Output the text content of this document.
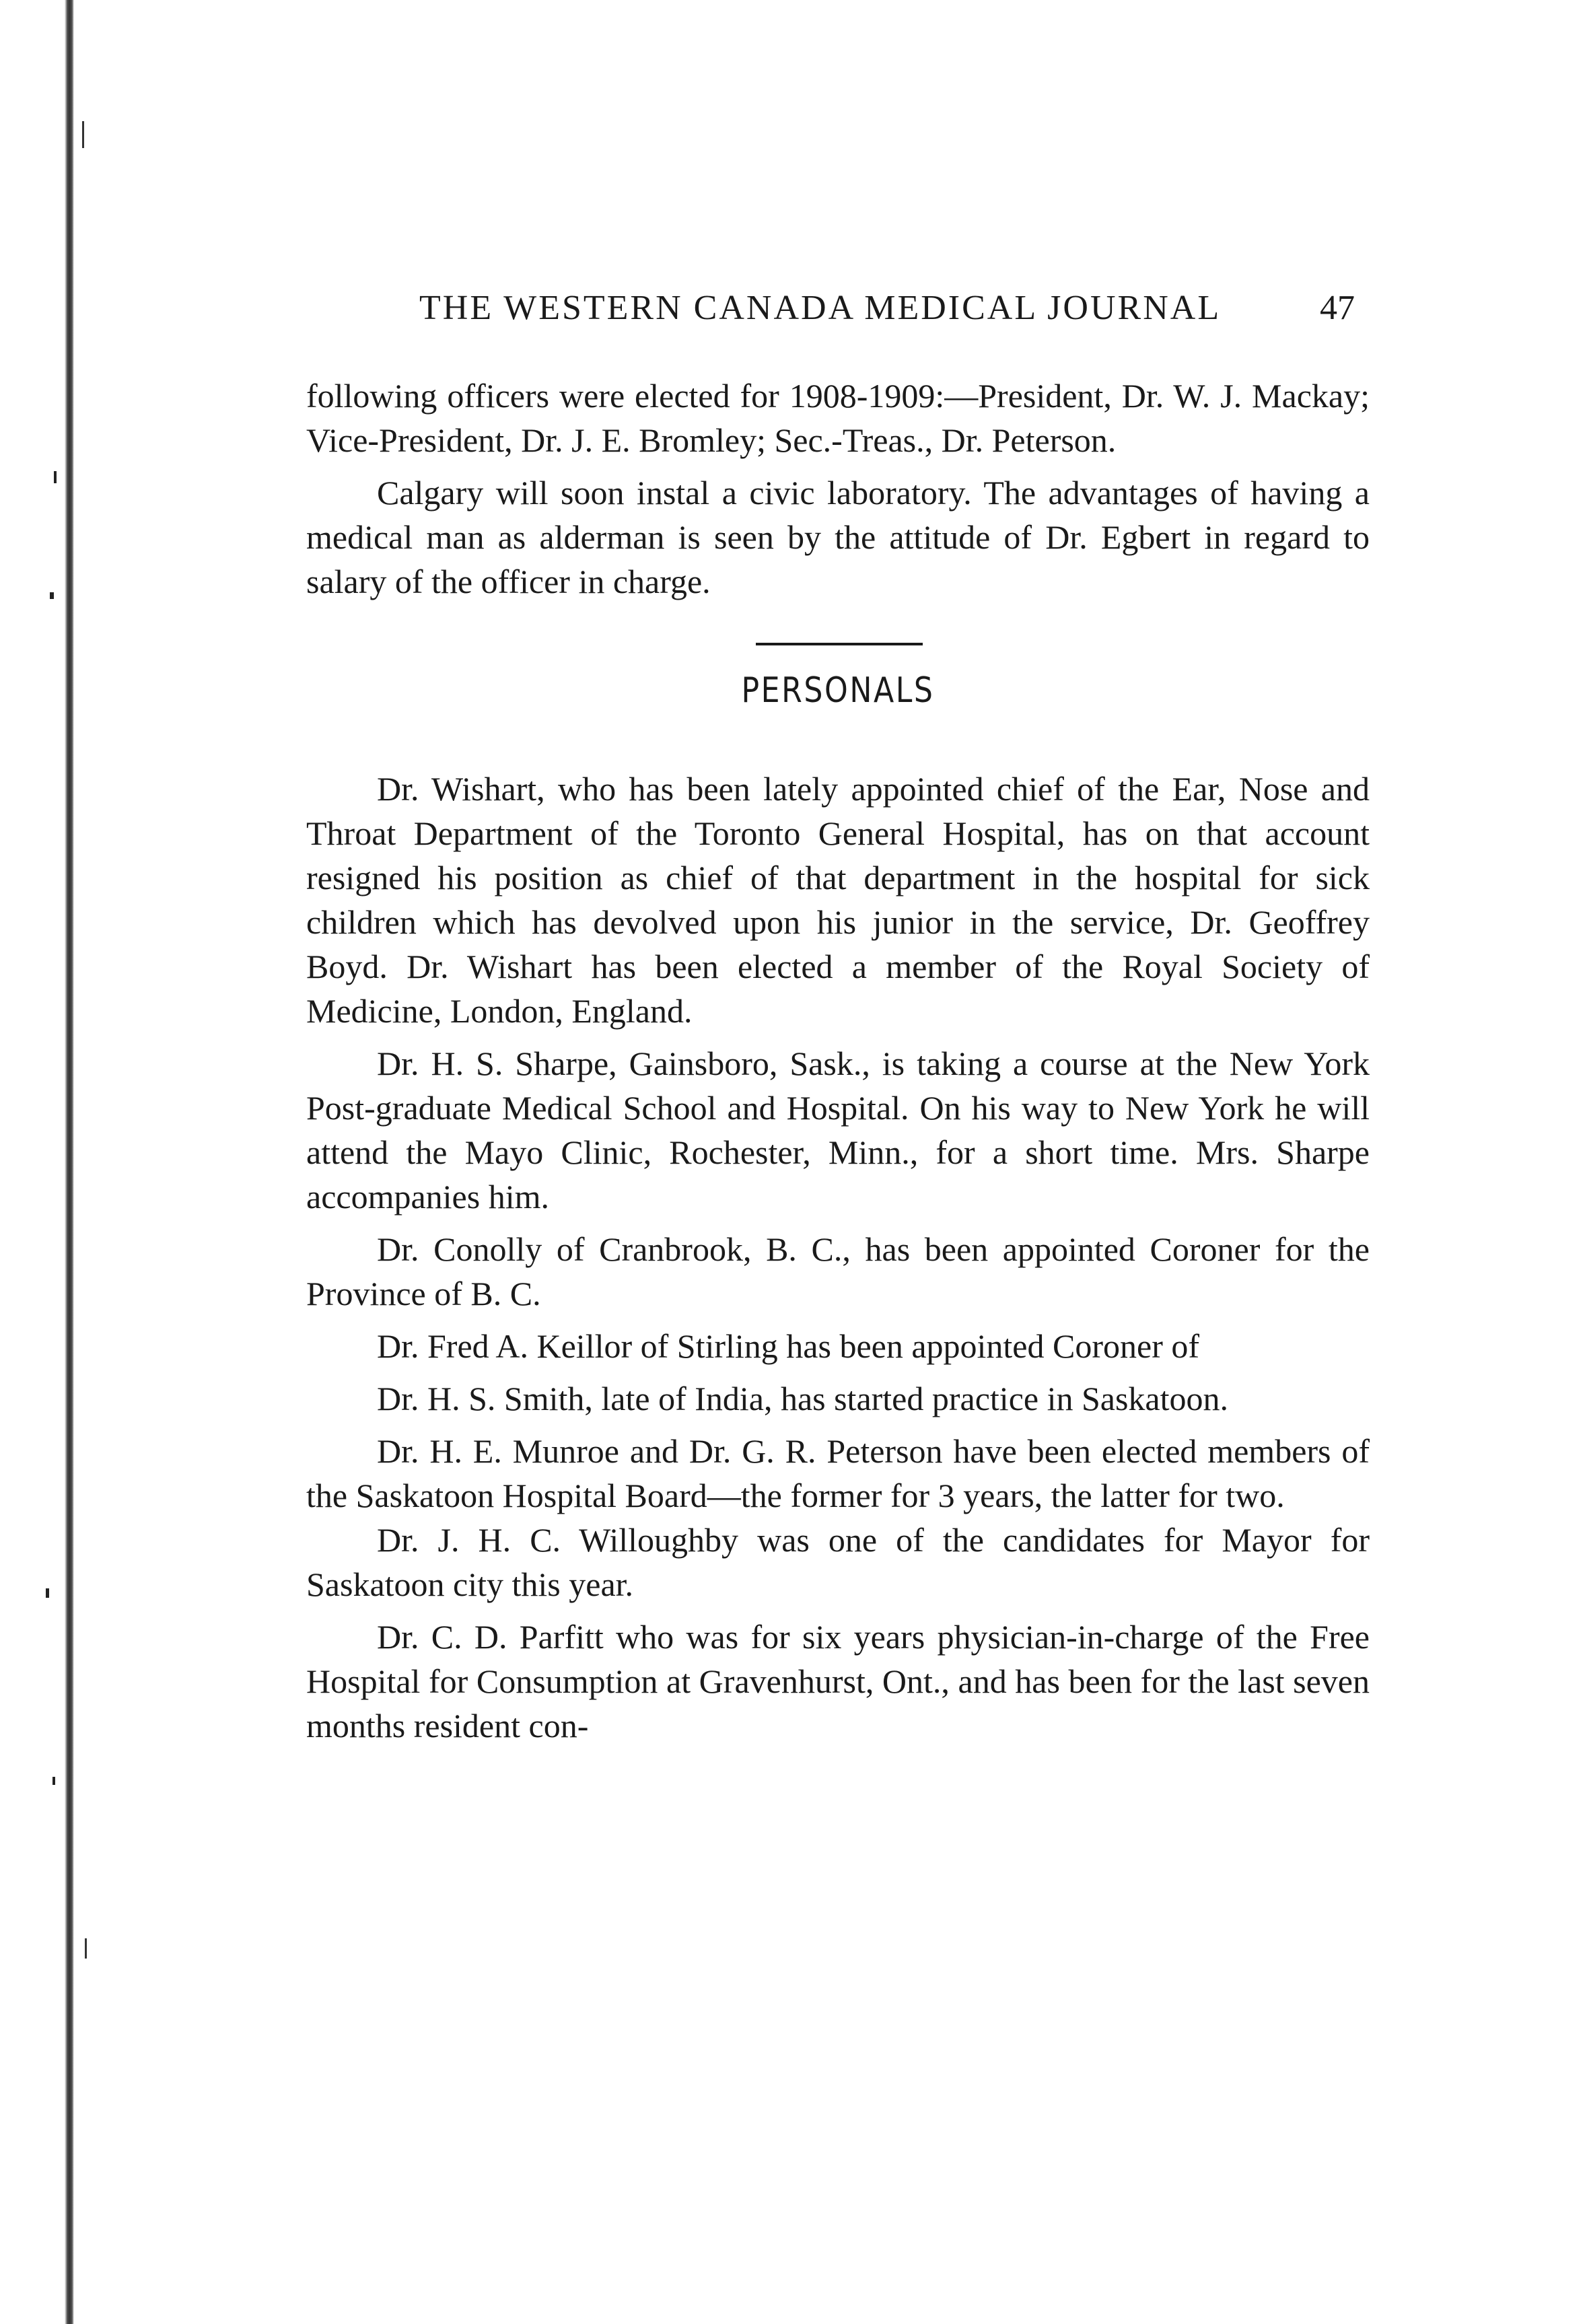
THE WESTERN CANADA MEDICAL JOURNAL	47

following officers were elected for 1908-1909:—President, Dr. W. J. Mackay; Vice-President, Dr. J. E. Bromley; Sec.-Treas., Dr. Peterson.

Calgary will soon instal a civic laboratory. The advantages of having a medical man as alderman is seen by the attitude of Dr. Egbert in regard to salary of the officer in charge.

PERSONALS

Dr. Wishart, who has been lately appointed chief of the Ear, Nose and Throat Department of the Toronto General Hospital, has on that account resigned his position as chief of that department in the hospital for sick children which has devolved upon his junior in the service, Dr. Geoffrey Boyd. Dr. Wishart has been elected a member of the Royal Society of Medicine, London, England.

Dr. H. S. Sharpe, Gainsboro, Sask., is taking a course at the New York Post-graduate Medical School and Hospital. On his way to New York he will attend the Mayo Clinic, Rochester, Minn., for a short time. Mrs. Sharpe accompanies him.

Dr. Conolly of Cranbrook, B. C., has been appointed Coroner for the Province of B. C.

Dr. Fred A. Keillor of Stirling has been appointed Coroner of

Dr. H. S. Smith, late of India, has started practice in Saskatoon.

Dr. H. E. Munroe and Dr. G. R. Peterson have been elected members of the Saskatoon Hospital Board—the former for 3 years, the latter for two.

Dr. J. H. C. Willoughby was one of the candidates for Mayor for Saskatoon city this year.

Dr. C. D. Parfitt who was for six years physician-in-charge of the Free Hospital for Consumption at Gravenhurst, Ont., and has been for the last seven months resident con-
